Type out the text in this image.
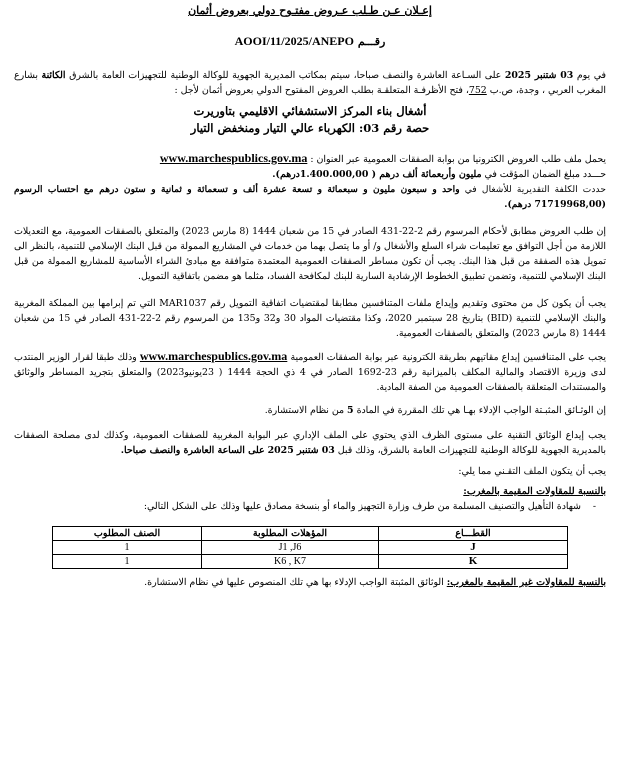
إعـلان عـن طـلب عـروض مفتـوح دولي بعروض أثمان
رقـــم AOOI/11/2025/ANEPO

في يوم 03 شتنبر 2025 على السـاعة العاشرة والنصف صباحا، سيتم بمكاتب المديرية الجهوية للوكالة الوطنية للتجهيزات العامة بالشرق الكائنة بشارع المغرب العربي ، وجدة، ص.ب 752، فتح الأظرفـة المتعلقـة بطلب العروض المفتوح الدولي بعروض أثمان لأجل :

أشغال بناء المركز الاستشفائي الاقليمي بتاوريرت
حصة رقم 03: الكهرباء عالي التيار ومنخفض التيار

يحمل ملف طلب العروض الكترونيا من بوابة الصفقات العمومية عبر العنوان : www.marchespublics.gov.ma

حـــدد مبلغ الضمان المؤقت في مليون وأربعمائة ألف درهم ( 1.400.000,00درهم).

حددت الكلفة التقديرية للأشغال في واحد و سبعون مليون و سبعمائة و تسعة عشرة ألف و تسعمائة و ثمانية و ستون درهم مع احتساب الرسوم (71719968,00 درهم).

إن طلب العروض مطابق لأحكام المرسوم رقم 2-22-431 الصادر في 15 من شعبان 1444 (8 مارس 2023) والمتعلق بالصفقات العمومية، مع التعديلات اللازمة من أجل التوافق مع تعليمات شراء السلع والأشغال و/ أو ما يتصل بهما من خدمات في المشاريع الممولة من قبل البنك الإسلامي للتنمية، بالنظر الى تمويل هذه الصفقة من قبل هذا البنك. يجب أن تكون مساطر الصفقات العمومية المعتمدة متوافقة مع مبادئ الشراء الأساسية للمشاريع الممولة من قبل البنك الإسلامي للتنمية، وتضمن تطبيق الخطوط الإرشادية السارية للبنك لمكافحة الفساد، مثلما هو مضمن باتفاقية التمويل.

يجب أن يكون كل من محتوى وتقديم وإيداع ملفات المتنافسين مطابقا لمقتضيات اتفاقية التمويل رقم MAR1037 التي تم إبرامها بين المملكة المغربية والبنك الإسلامي للتنمية (BID) بتاريخ 28 سبتمبر 2020، وكذا مقتضيات المواد 30 و32 و135 من المرسوم رقم 2-22-431 الصادر في 15 من شعبان 1444 (8 مارس 2023) والمتعلق بالصفقات العمومية.

يجب على المتنافسين إيداع مقاتيهم بطريقة الكترونية عبر بوابة الصفقات العمومية www.marchespublics.gov.ma وذلك طبقا لقرار الوزير المنتدب لدى وزيرة الاقتصاد والمالية المكلف بالميزانية رقم 23-1692 الصادر في 4 ذي الحجة 1444 ( 23يونيو2023) والمتعلق بتجريد المساطر والوثائق والمستندات المتعلقة بالصفقات العمومية من الصفة المادية.

إن الوثـائق المثبـتة الواجب الإدلاء بهـا هي تلك المقررة في المادة 5 من نظام الاستشارة.

يجب إيداع الوثائق التقنية على مستوى الظرف الذي يحتوي على الملف الإداري عبر البوابة المغربية للصفقات العمومية، وكذلك لدى مصلحة الصفقات بالمديرية الجهوية للوكالة الوطنية للتجهيزات العامة بالشرق، وذلك قبل 03 شتنبر 2025 على الساعة العاشرة والنصف صباحا.

يجب أن يتكون الملف التقـني مما يلي:

بالنسبة للمقاولات المقيمة بالمغرب:

-    شهادة التأهيل والتصنيف المسلمة من طرف وزارة التجهيز والماء أو بنسخة مصادق عليها وذلك على الشكل التالي:

القطـــاع	المؤهلات المطلوبة	الصنف المطلوب
J	J1 ,J6	1
K	K6 , K7	1

بالنسبة للمقاولات غير المقيمة بالمغرب: الوثائق المثبتة الواجب الإدلاء بها هي تلك المنصوص عليها في نظام الاستشارة.
